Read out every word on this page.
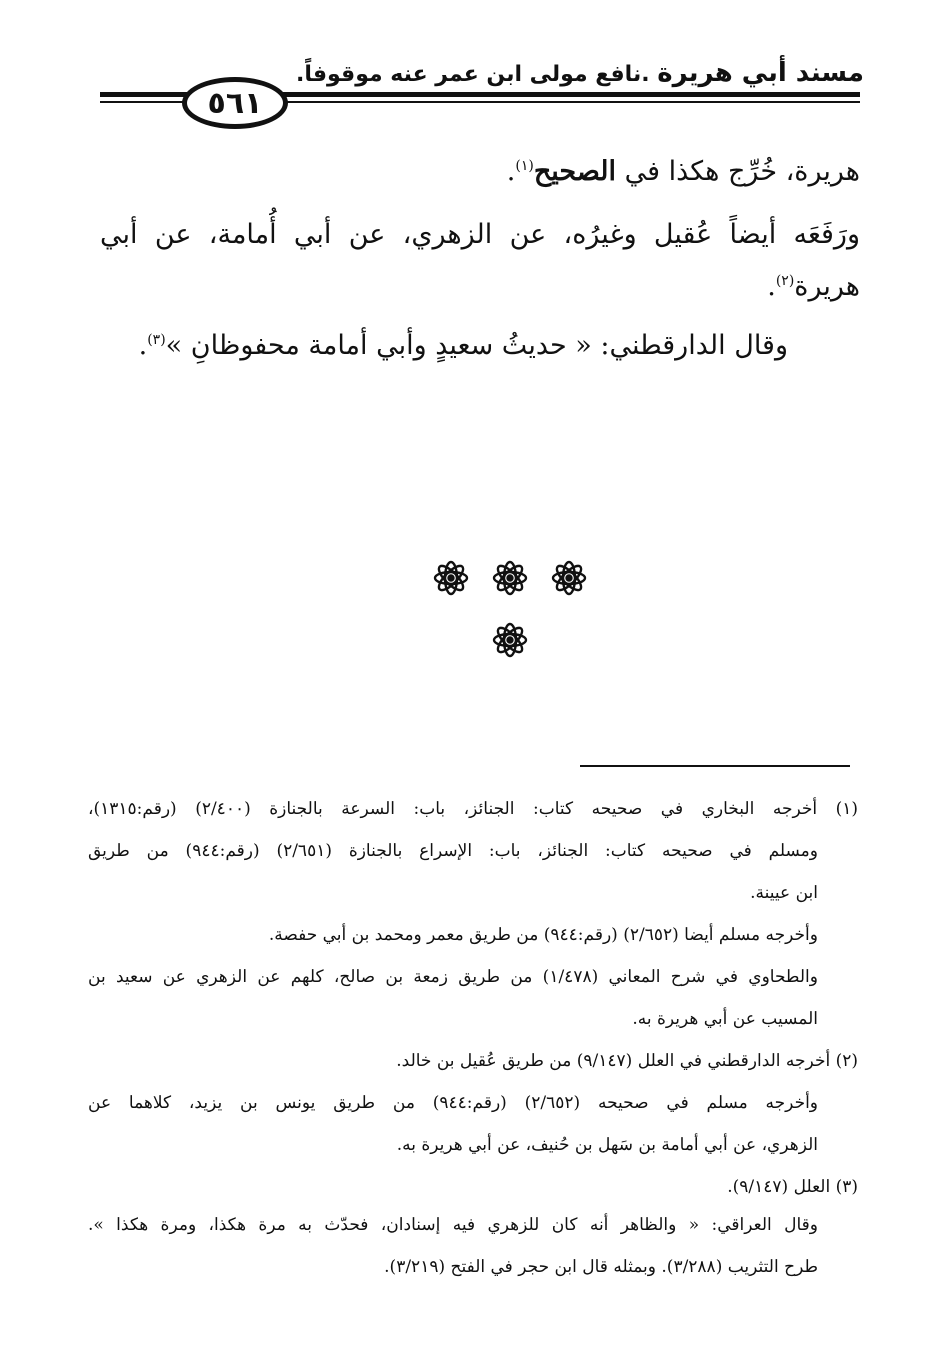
مسند أبي هريرة .نافع مولى ابن عمر عنه موقوفاً.
٥٦١
هريرة، خُرِّج هكذا في الصحيح$^{(١)}$.
ورَفَعَه أيضاً عُقيل وغيرُه، عن الزهري، عن أبي أُمامة، عن أبي
هريرة$^{(٢)}$.
وقال الدارقطني: « حديثُ سعيدٍ وأبي أمامة محفوظانِ »$^{(٣)}$.
(١) أخرجه البخاري في صحيحه كتاب: الجنائز، باب: السرعة بالجنازة (٢/٤٠٠) (رقم:١٣١٥)،
ومسلم في صحيحه كتاب: الجنائز، باب: الإسراع بالجنازة (٢/٦٥١) (رقم:٩٤٤) من طريق
ابن عيينة.
وأخرجه مسلم أيضا (٢/٦٥٢) (رقم:٩٤٤) من طريق معمر ومحمد بن أبي حفصة.
والطحاوي في شرح المعاني (١/٤٧٨) من طريق زمعة بن صالح، كلهم عن الزهري عن سعيد بن
المسيب عن أبي هريرة به.
(٢) أخرجه الدارقطني في العلل (٩/١٤٧) من طريق عُقيل بن خالد.
وأخرجه مسلم في صحيحه (٢/٦٥٢) (رقم:٩٤٤) من طريق يونس بن يزيد، كلاهما عن
الزهري، عن أبي أمامة بن سَهل بن حُنيف، عن أبي هريرة به.
(٣) العلل (٩/١٤٧).
وقال العراقي: « والظاهر أنه كان للزهري فيه إسنادان، فحدّث به مرة هكذا، ومرة هكذا ».
طرح التثريب (٣/٢٨٨). وبمثله قال ابن حجر في الفتح (٣/٢١٩).
